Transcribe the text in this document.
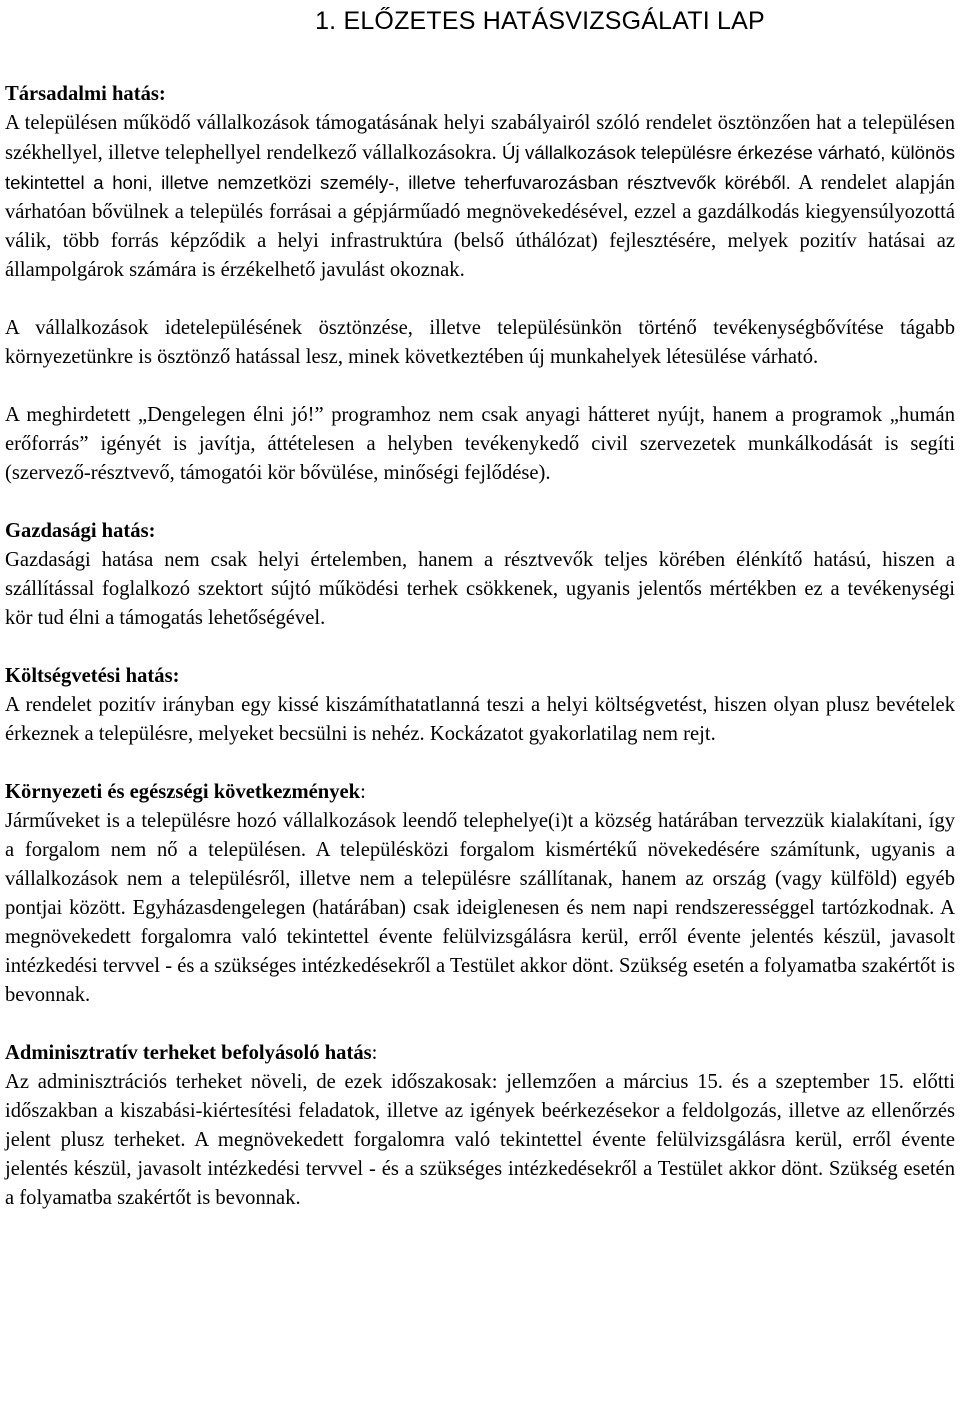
1. ELŐZETES HATÁSVIZSGÁLATI LAP
Társadalmi hatás:

A településen működő vállalkozások támogatásának helyi szabályairól szóló rendelet ösztönzően hat a településen székhellyel, illetve telephellyel rendelkező vállalkozásokra. Új vállalkozások településre érkezése várható, különös tekintettel a honi, illetve nemzetközi személy-, illetve teherfuvarozásban résztvevők köréből. A rendelet alapján várhatóan bővülnek a település forrásai a gépjárműadó megnövekedésével, ezzel a gazdálkodás kiegyensúlyozottá válik, több forrás képződik a helyi infrastruktúra (belső úthálózat) fejlesztésére, melyek pozitív hatásai az állampolgárok számára is érzékelhető javulást okoznak.

A vállalkozások idetelepülésének ösztönzése, illetve településünkön történő tevékenységbővítése tágabb környezetünkre is ösztönző hatással lesz, minek következtében új munkahelyek létesülése várható.

A meghirdetett „Dengelegen élni jó!” programhoz nem csak anyagi hátteret nyújt, hanem a programok „humán erőforrás” igényét is javítja, áttételesen a helyben tevékenykedő civil szervezetek munkálkodását is segíti (szervező-résztvevő, támogatói kör bővülése, minőségi fejlődése).

Gazdasági hatás:

Gazdasági hatása nem csak helyi értelemben, hanem a résztvevők teljes körében élénkítő hatású, hiszen a szállítással foglalkozó szektort sújtó működési terhek csökkenek, ugyanis jelentős mértékben ez a tevékenységi kör tud élni a támogatás lehetőségével.

Költségvetési hatás:

A rendelet pozitív irányban egy kissé kiszámíthatatlanná teszi a helyi költségvetést, hiszen olyan plusz bevételek érkeznek a településre, melyeket becsülni is nehéz. Kockázatot gyakorlatilag nem rejt.

Környezeti és egészségi következmények:

Járműveket is a településre hozó vállalkozások leendő telephelye(i)t a község határában tervezzük kialakítani, így a forgalom nem nő a településen. A településközi forgalom kismértékű növekedésére számítunk, ugyanis a vállalkozások nem a településről, illetve nem a településre szállítanak, hanem az ország (vagy külföld) egyéb pontjai között. Egyházasdengelegen (határában) csak ideiglenesen és nem napi rendszerességgel tartózkodnak. A megnövekedett forgalomra való tekintettel évente felülvizsgálásra kerül, erről évente jelentés készül, javasolt intézkedési tervvel - és a szükséges intézkedésekről a Testület akkor dönt. Szükség esetén a folyamatba szakértőt is bevonnak.

Adminisztratív terheket befolyásoló hatás:

Az adminisztrációs terheket növeli, de ezek időszakosak: jellemzően a március 15. és a szeptember 15. előtti időszakban a kiszabási-kiértesítési feladatok, illetve az igények beérkezésekor a feldolgozás, illetve az ellenőrzés jelent plusz terheket. A megnövekedett forgalomra való tekintettel évente felülvizsgálásra kerül, erről évente jelentés készül, javasolt intézkedési tervvel - és a szükséges intézkedésekről a Testület akkor dönt. Szükség esetén a folyamatba szakértőt is bevonnak.
